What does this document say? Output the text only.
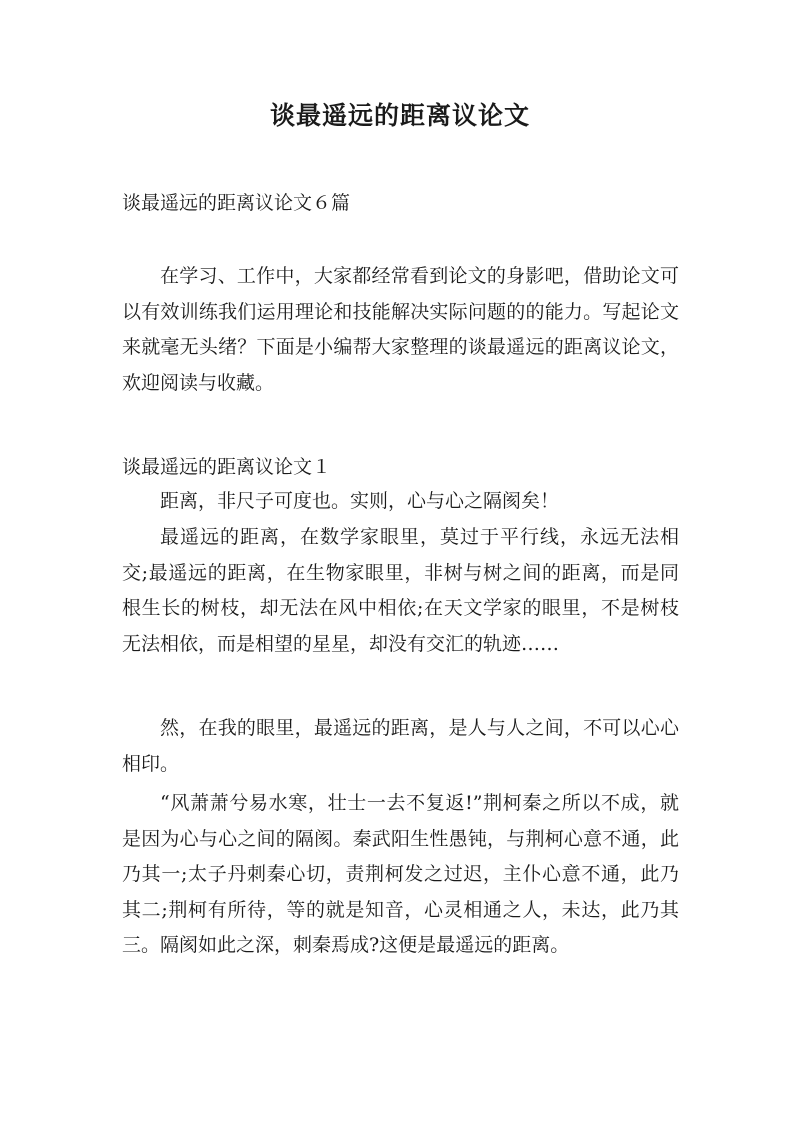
谈最遥远的距离议论文

谈最遥远的距离议论文６篇

在学习、工作中，大家都经常看到论文的身影吧，借助论文可以有效训练我们运用理论和技能解决实际问题的的能力。写起论文来就毫无头绪？下面是小编帮大家整理的谈最遥远的距离议论文，欢迎阅读与收藏。

谈最遥远的距离议论文１

距离，非尺子可度也。实则，心与心之隔阂矣！

最遥远的距离，在数学家眼里，莫过于平行线，永远无法相交;最遥远的距离，在生物家眼里，非树与树之间的距离，而是同根生长的树枝，却无法在风中相依;在天文学家的眼里，不是树枝无法相依，而是相望的星星，却没有交汇的轨迹……

然，在我的眼里，最遥远的距离，是人与人之间，不可以心心相印。

“风萧萧兮易水寒，壮士一去不复返!”荆柯秦之所以不成，就是因为心与心之间的隔阂。秦武阳生性愚钝，与荆柯心意不通，此乃其一;太子丹刺秦心切，责荆柯发之过迟，主仆心意不通，此乃其二;荆柯有所待，等的就是知音，心灵相通之人，未达，此乃其三。隔阂如此之深，刺秦焉成?这便是最遥远的距离。
